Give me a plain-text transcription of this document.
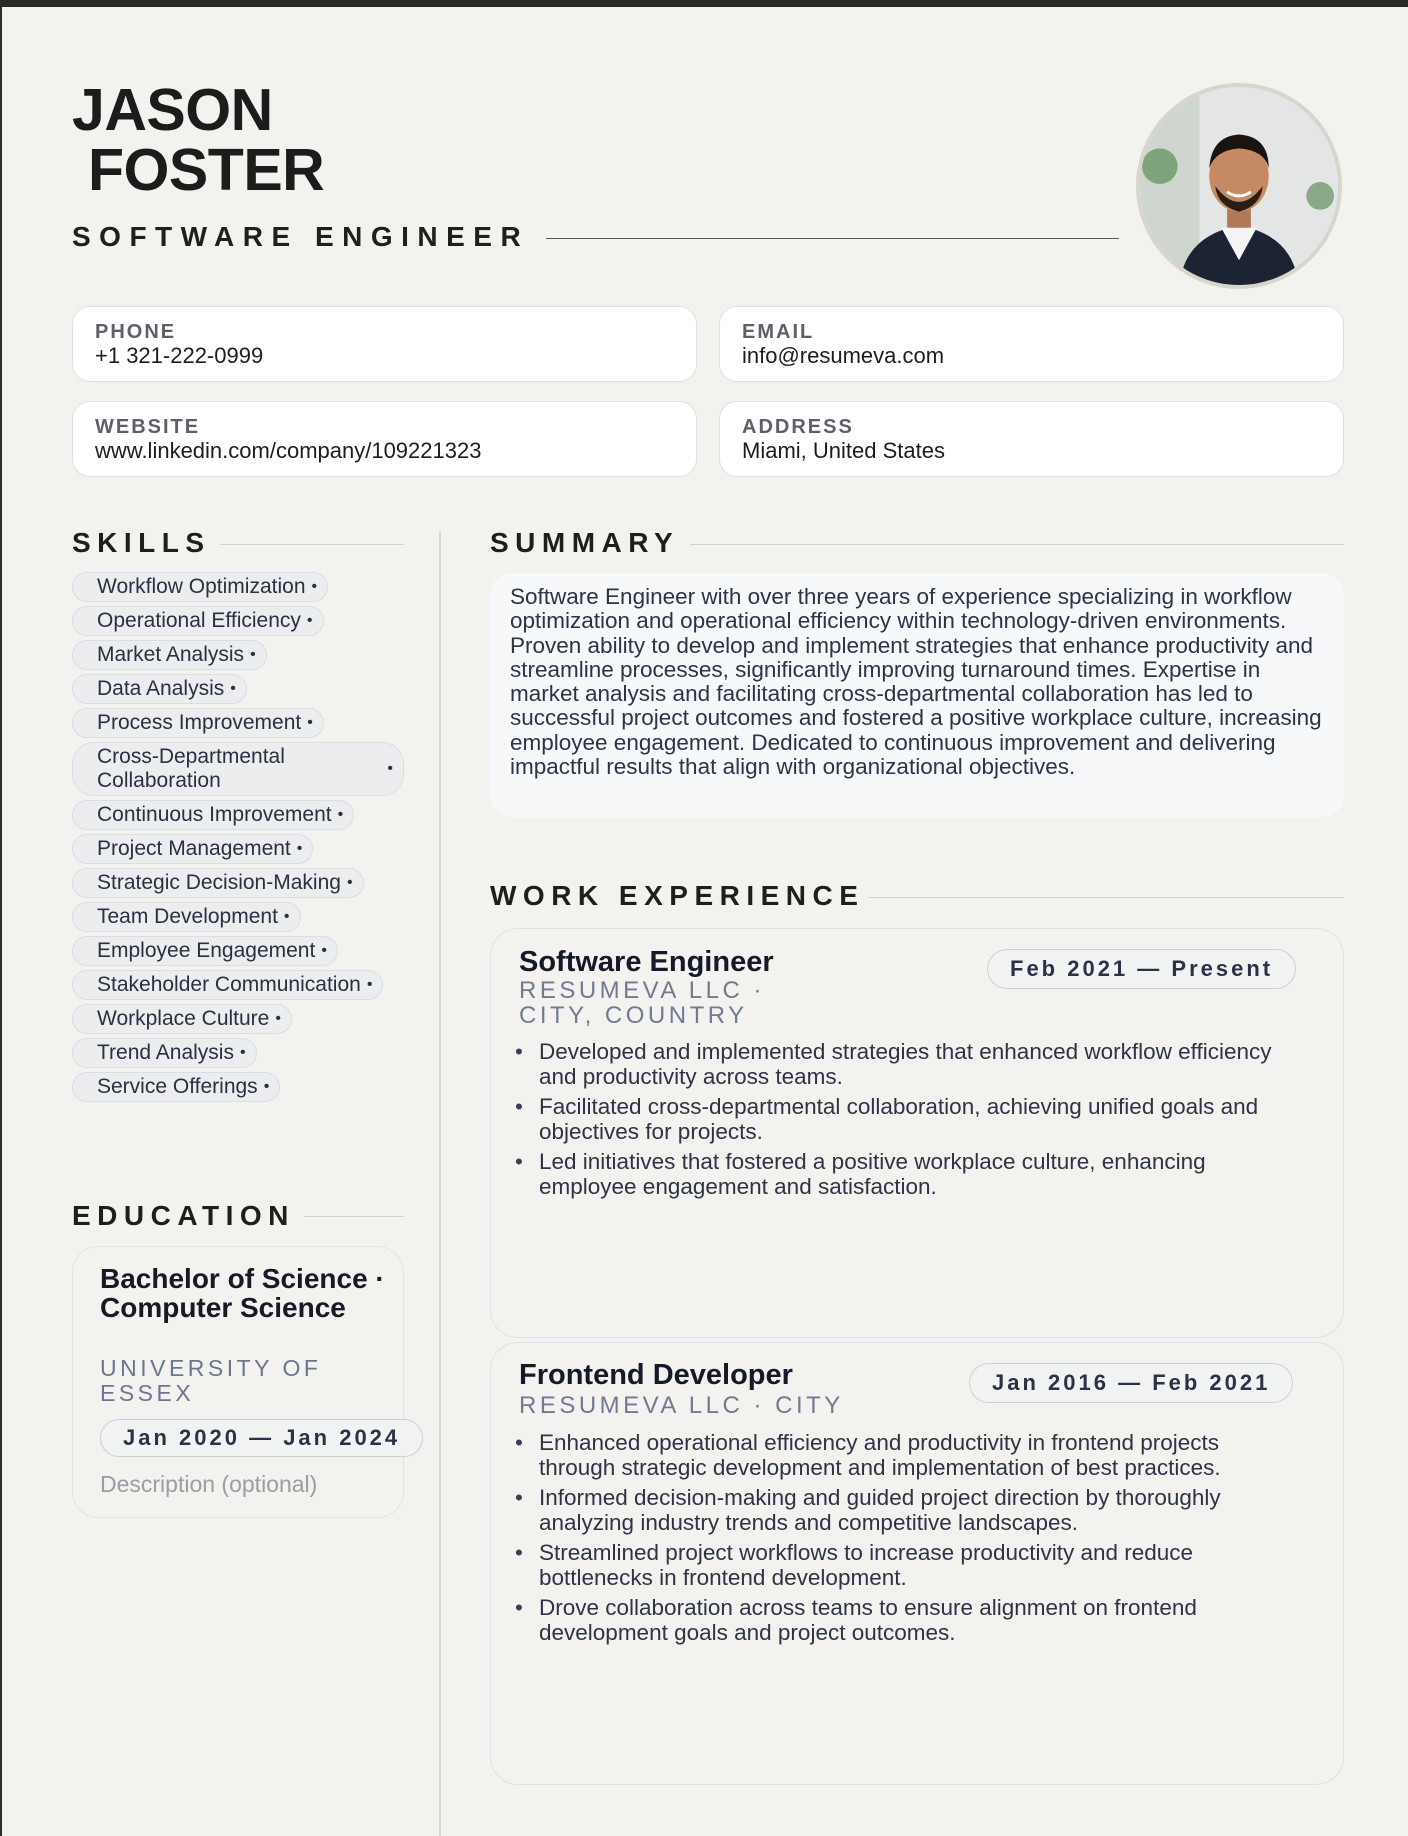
JASON
FOSTER
SOFTWARE ENGINEER
PHONE
+1 321-222-0999
EMAIL
info@resumeva.com
WEBSITE
www.linkedin.com/company/109221323
ADDRESS
Miami, United States
SKILLS
Workflow Optimization •
Operational Efficiency •
Market Analysis •
Data Analysis •
Process Improvement •
Cross-Departmental Collaboration
•
Continuous Improvement •
Project Management •
Strategic Decision-Making •
Team Development •
Employee Engagement •
Stakeholder Communication •
Workplace Culture •
Trend Analysis •
Service Offerings •
EDUCATION
Bachelor of Science · Computer Science
UNIVERSITY OF ESSEX
Jan 2020 — Jan 2024
Description (optional)
SUMMARY
Software Engineer with over three years of experience specializing in workflow optimization and operational efficiency within technology-driven environments. Proven ability to develop and implement strategies that enhance productivity and streamline processes, significantly improving turnaround times. Expertise in market analysis and facilitating cross-departmental collaboration has led to successful project outcomes and fostered a positive workplace culture, increasing employee engagement. Dedicated to continuous improvement and delivering impactful results that align with organizational objectives.
WORK EXPERIENCE
Software Engineer
RESUMEVA LLC · CITY, COUNTRY
Feb 2021 — Present
• Developed and implemented strategies that enhanced workflow efficiency and productivity across teams.
• Facilitated cross-departmental collaboration, achieving unified goals and objectives for projects.
• Led initiatives that fostered a positive workplace culture, enhancing employee engagement and satisfaction.
Frontend Developer
RESUMEVA LLC · CITY
Jan 2016 — Feb 2021
• Enhanced operational efficiency and productivity in frontend projects through strategic development and implementation of best practices.
• Informed decision-making and guided project direction by thoroughly analyzing industry trends and competitive landscapes.
• Streamlined project workflows to increase productivity and reduce bottlenecks in frontend development.
• Drove collaboration across teams to ensure alignment on frontend development goals and project outcomes.
